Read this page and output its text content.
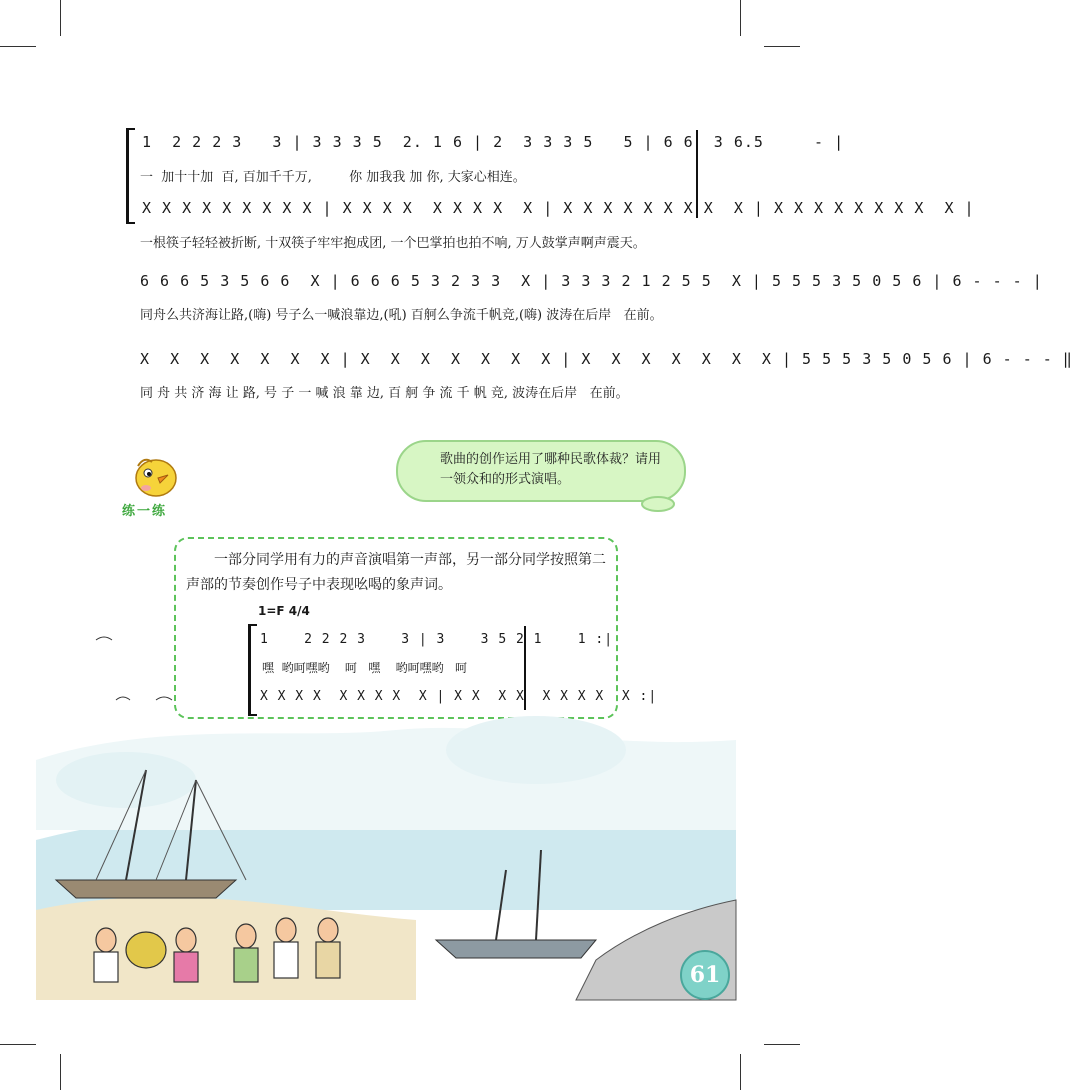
1  2 2 2 3   3 | 3 3 3 5  2. 1 6 | 2  3 3 3 5   5 | 6 6  3 6.5     - |
一  加十十加  百, 百加千千万,         你 加我我 加 你, 大家心相连。
X X X X X X X X X | X X X X  X X X X  X | X X X X X X X X  X | X X X X X X X X  X |
一根筷子轻轻被折断, 十双筷子牢牢抱成团, 一个巴掌拍也拍不响, 万人鼓掌声啊声震天。
6 6 6 5 3 5 6 6  X | 6 6 6 5 3 2 3 3  X | 3 3 3 2 1 2 5 5  X | 5 5 5 3 5 0 5 6 | 6 - - - |
同舟么共济海让路,(嗨) 号子么一喊浪靠边,(吼) 百舸么争流千帆竞,(嗨) 波涛在后岸   在前。
X  X  X  X  X  X  X | X  X  X  X  X  X  X | X  X  X  X  X  X  X | 5 5 5 3 5 0 5 6 | 6 - - - ‖
同 舟 共 济 海 让 路, 号 子 一 喊 浪 靠 边, 百 舸 争 流 千 帆 竞, 波涛在后岸   在前。
练一练
歌曲的创作运用了哪种民歌体裁？请用一领众和的形式演唱。
一部分同学用有力的声音演唱第一声部，另一部分同学按照第二声部的节奏创作号子中表现吆喝的象声词。
1=F 4/4
1    2 2 2 3    3 | 3    3 5 2 1    1 :|
嘿  哟呵嘿哟    呵   嘿    哟呵嘿哟   呵
X X X X  X X X X  X | X X  X X  X X X X  X :|
61
